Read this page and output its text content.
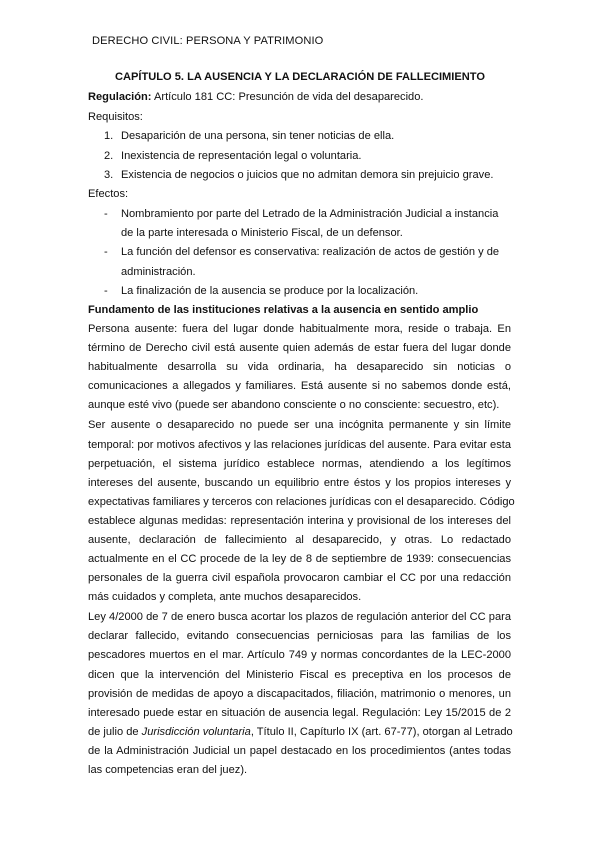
DERECHO CIVIL: PERSONA Y PATRIMONIO
CAPÍTULO 5. LA AUSENCIA Y LA DECLARACIÓN DE FALLECIMIENTO
Regulación: Artículo 181 CC: Presunción de vida del desaparecido.
Requisitos:
1. Desaparición de una persona, sin tener noticias de ella.
2. Inexistencia de representación legal o voluntaria.
3. Existencia de negocios o juicios que no admitan demora sin prejuicio grave.
Efectos:
- Nombramiento por parte del Letrado de la Administración Judicial a instancia
de la parte interesada o Ministerio Fiscal, de un defensor.
- La función del defensor es conservativa: realización de actos de gestión y de
administración.
- La finalización de la ausencia se produce por la localización.
Fundamento de las instituciones relativas a la ausencia en sentido amplio
Persona ausente: fuera del lugar donde habitualmente mora, reside o trabaja. En
término de Derecho civil está ausente quien además de estar fuera del lugar donde
habitualmente desarrolla su vida ordinaria, ha desaparecido sin noticias o
comunicaciones a allegados y familiares. Está ausente si no sabemos donde está,
aunque esté vivo (puede ser abandono consciente o no consciente: secuestro, etc).
Ser ausente o desaparecido no puede ser una incógnita permanente y sin límite
temporal: por motivos afectivos y las relaciones jurídicas del ausente. Para evitar esta
perpetuación, el sistema jurídico establece normas, atendiendo a los legítimos
intereses del ausente, buscando un equilibrio entre éstos y los propios intereses y
expectativas familiares y terceros con relaciones jurídicas con el desaparecido. Código
establece algunas medidas: representación interina y provisional de los intereses del
ausente, declaración de fallecimiento al desaparecido, y otras. Lo redactado
actualmente en el CC procede de la ley de 8 de septiembre de 1939: consecuencias
personales de la guerra civil española provocaron cambiar el CC por una redacción
más cuidados y completa, ante muchos desaparecidos.
Ley 4/2000 de 7 de enero busca acortar los plazos de regulación anterior del CC para
declarar fallecido, evitando consecuencias perniciosas para las familias de los
pescadores muertos en el mar. Artículo 749 y normas concordantes de la LEC-2000
dicen que la intervención del Ministerio Fiscal es preceptiva en los procesos de
provisión de medidas de apoyo a discapacitados, filiación, matrimonio o menores, un
interesado puede estar en situación de ausencia legal. Regulación: Ley 15/2015 de 2
de julio de Jurisdicción voluntaria, Título II, Capíturlo IX (art. 67-77), otorgan al Letrado
de la Administración Judicial un papel destacado en los procedimientos (antes todas
las competencias eran del juez).
